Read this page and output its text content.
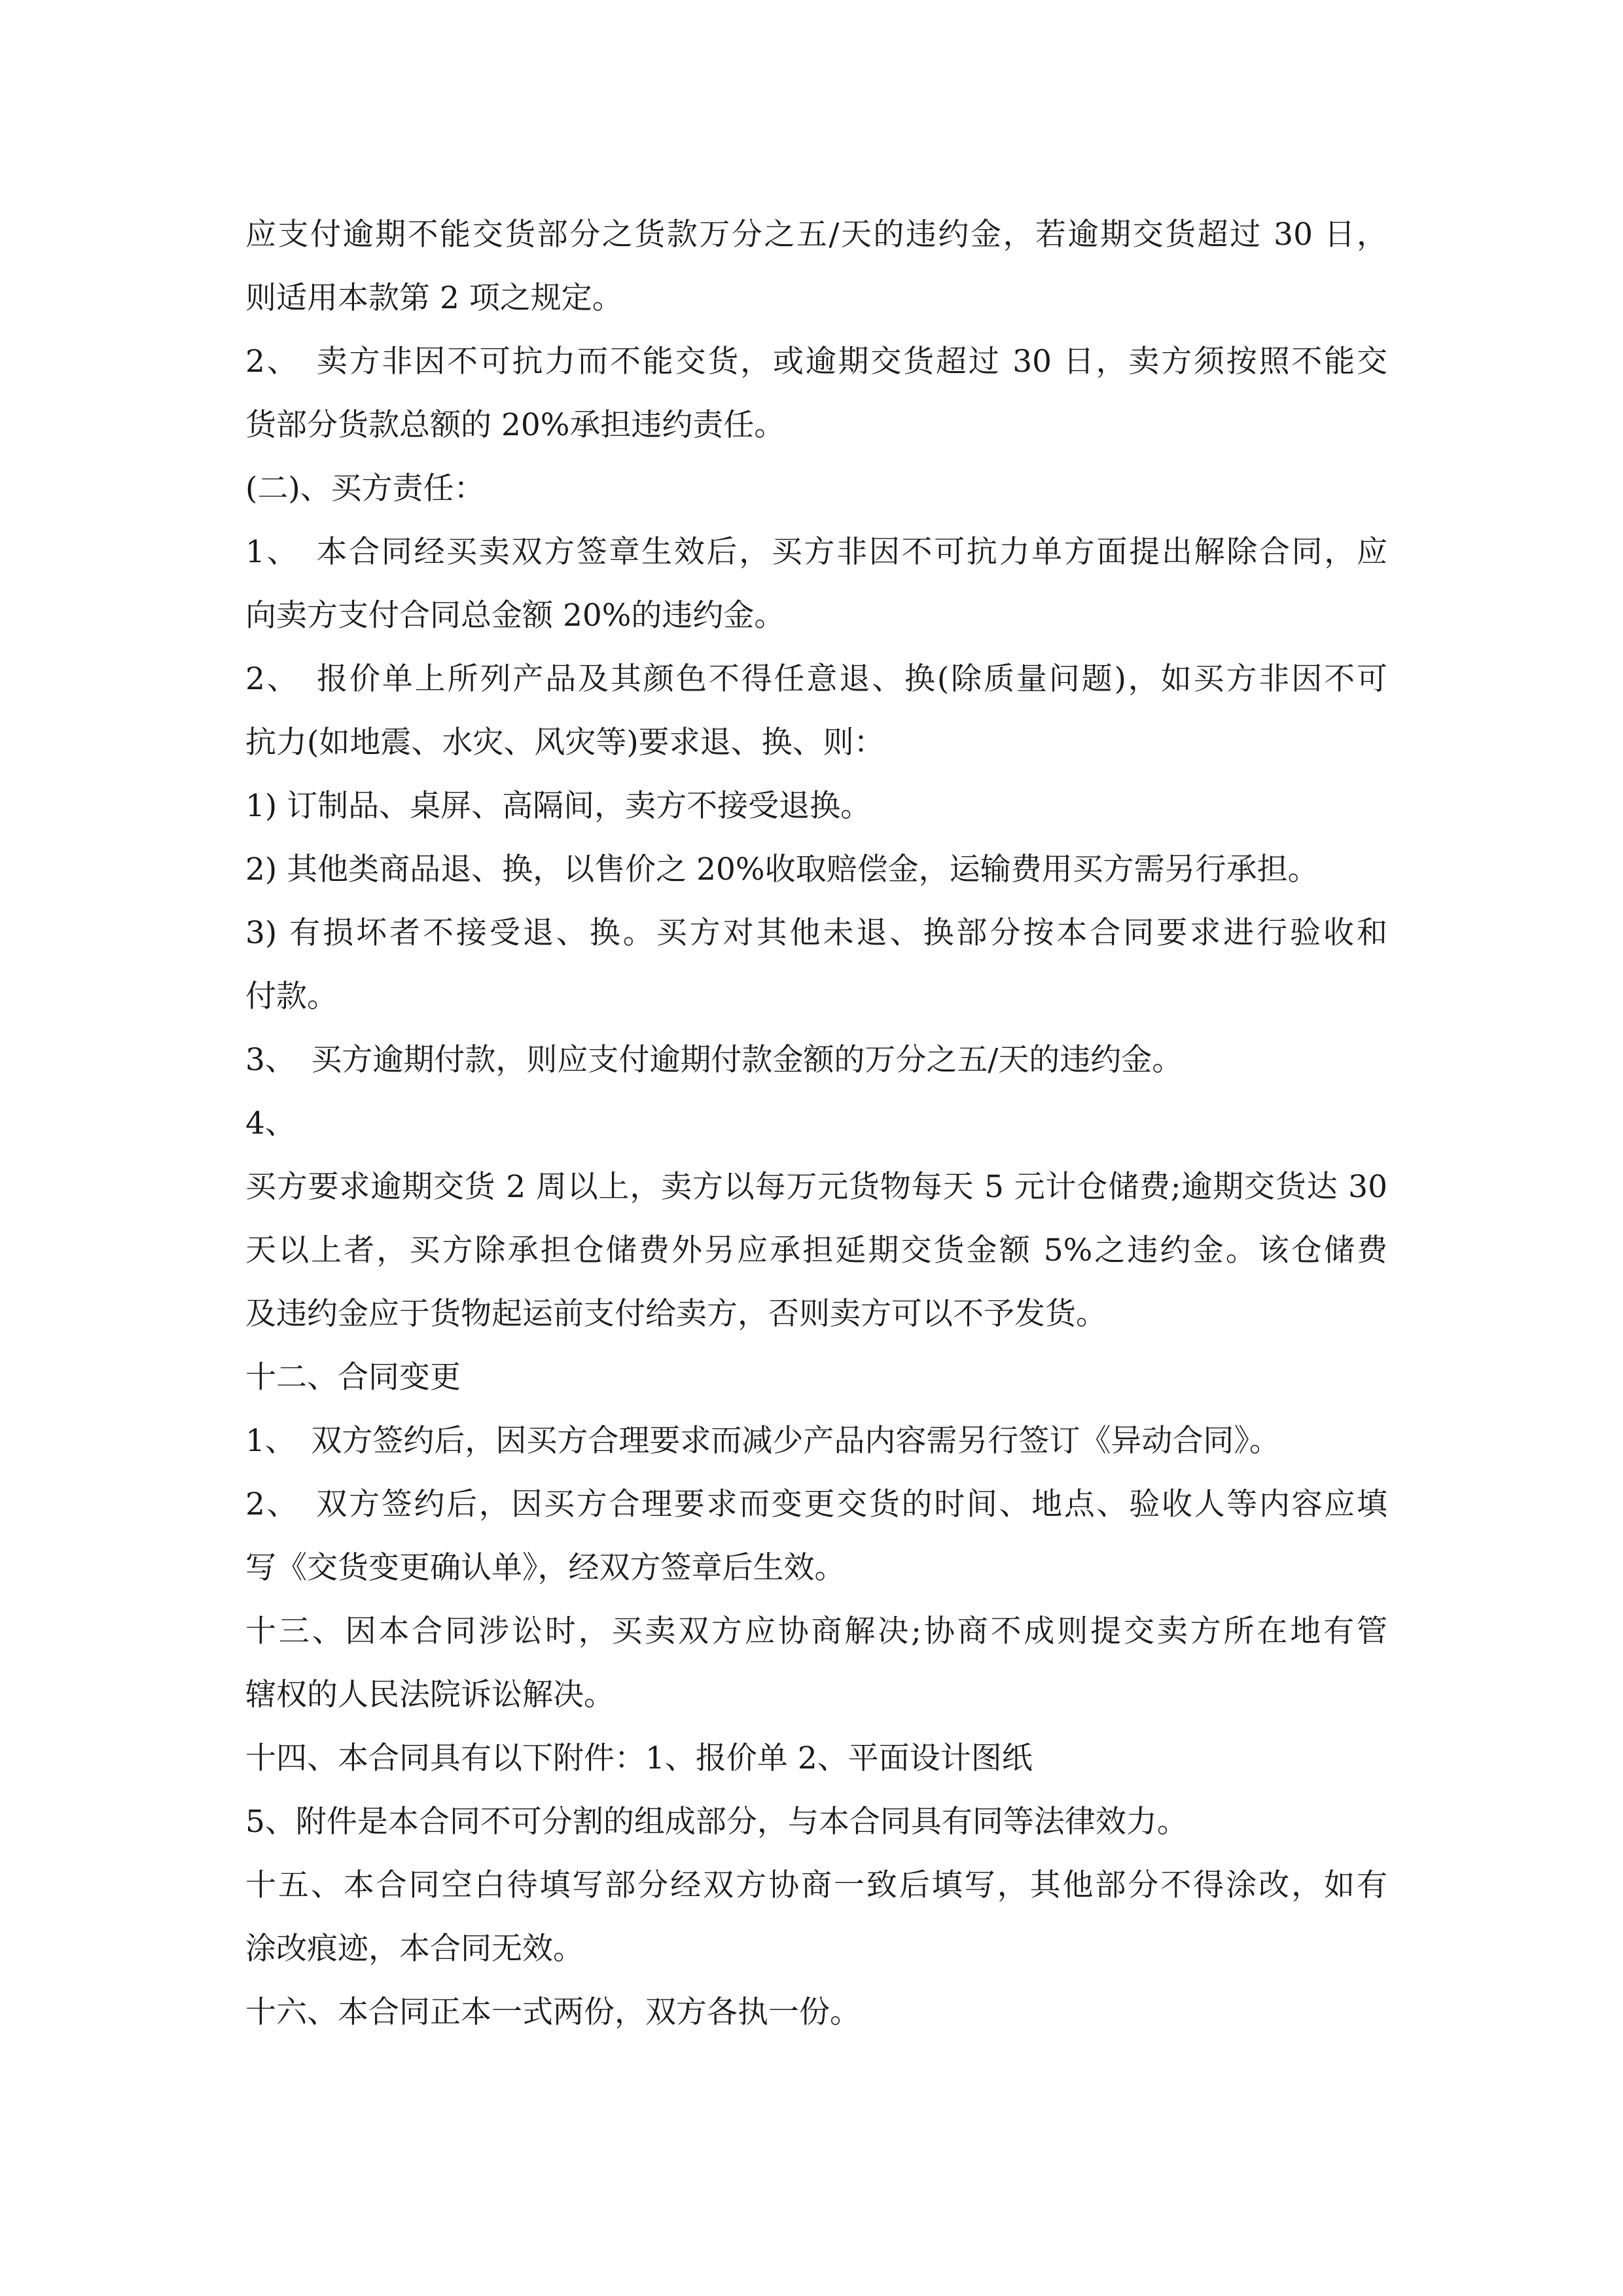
应支付逾期不能交货部分之货款万分之五/天的违约金，若逾期交货超过 30 日，
则适用本款第 2 项之规定。
2、　卖方非因不可抗力而不能交货，或逾期交货超过 30 日，卖方须按照不能交
货部分货款总额的 20%承担违约责任。
(二)、买方责任：
1、　本合同经买卖双方签章生效后，买方非因不可抗力单方面提出解除合同，应
向卖方支付合同总金额 20%的违约金。
2、　报价单上所列产品及其颜色不得任意退、换(除质量问题)，如买方非因不可
抗力(如地震、水灾、风灾等)要求退、换、则：
1) 订制品、桌屏、高隔间，卖方不接受退换。
2) 其他类商品退、换，以售价之 20%收取赔偿金，运输费用买方需另行承担。
3) 有损坏者不接受退、换。买方对其他未退、换部分按本合同要求进行验收和
付款。
3、　买方逾期付款，则应支付逾期付款金额的万分之五/天的违约金。
4、
买方要求逾期交货 2 周以上，卖方以每万元货物每天 5 元计仓储费;逾期交货达 30
天以上者，买方除承担仓储费外另应承担延期交货金额 5%之违约金。该仓储费
及违约金应于货物起运前支付给卖方，否则卖方可以不予发货。
十二、合同变更
1、　双方签约后，因买方合理要求而减少产品内容需另行签订《异动合同》。
2、　双方签约后，因买方合理要求而变更交货的时间、地点、验收人等内容应填
写《交货变更确认单》，经双方签章后生效。
十三、因本合同涉讼时，买卖双方应协商解决;协商不成则提交卖方所在地有管
辖权的人民法院诉讼解决。
十四、本合同具有以下附件：1、报价单 2、平面设计图纸
5、附件是本合同不可分割的组成部分，与本合同具有同等法律效力。
十五、本合同空白待填写部分经双方协商一致后填写，其他部分不得涂改，如有
涂改痕迹，本合同无效。
十六、本合同正本一式两份，双方各执一份。
